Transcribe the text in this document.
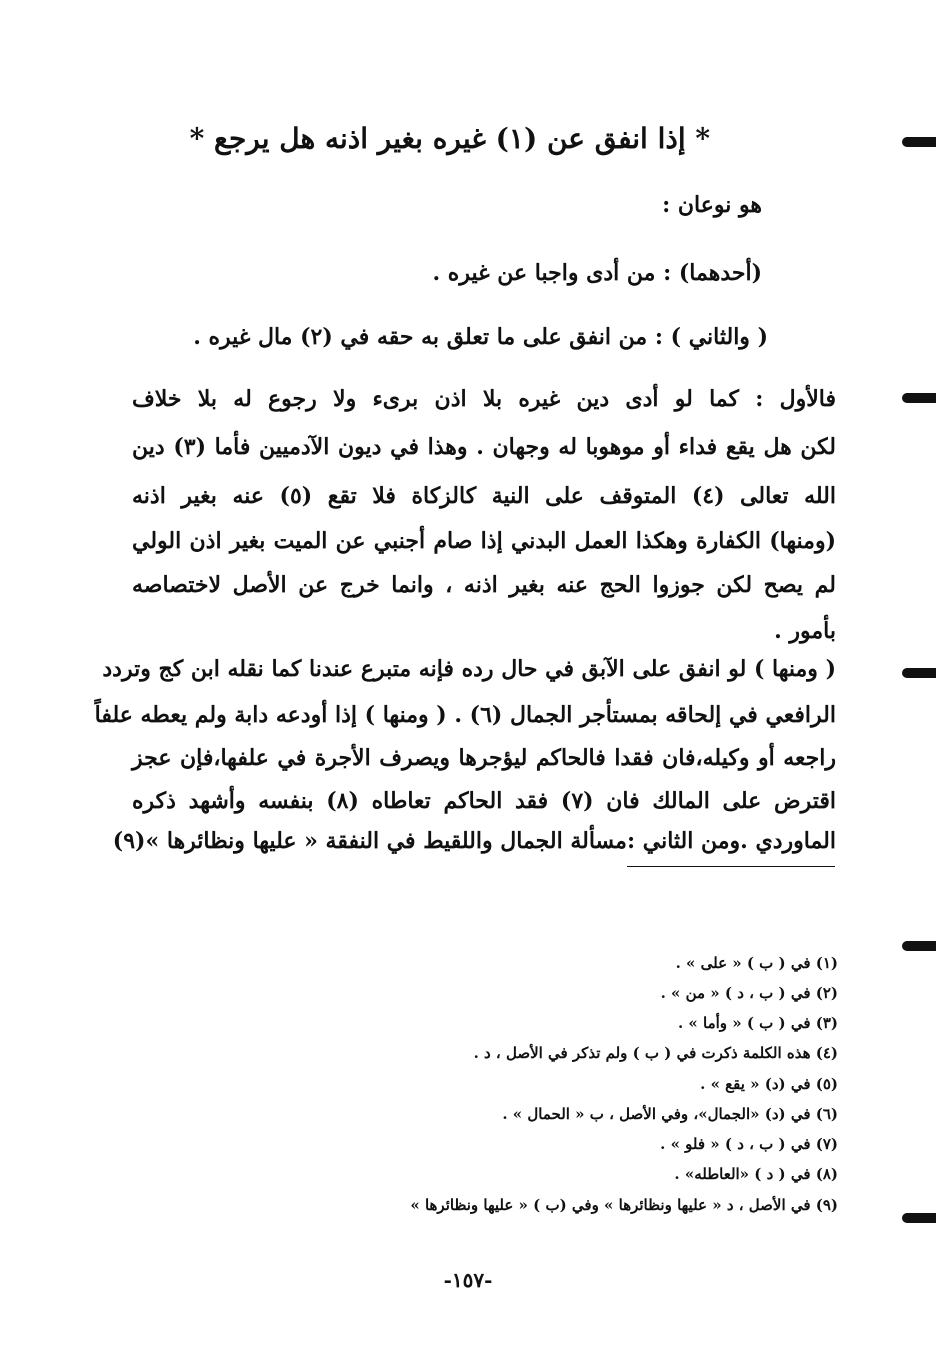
* إذا انفق عن (١) غيره بغير اذنه هل يرجع *
هو نوعان :
(أحدهما) : من أدى واجبا عن غيره .
( والثاني ) : من انفق على ما تعلق به حقه في (٢) مال غيره .
فالأول : كما لو أدى دين غيره بلا اذن برىء ولا رجوع له بلا خلاف
لكن هل يقع فداء أو موهوبا له وجهان . وهذا في ديون الآدميين فأما (٣) دين
الله تعالى (٤) المتوقف على النية كالزكاة فلا تقع (٥) عنه بغير اذنه
(ومنها) الكفارة وهكذا العمل البدني إذا صام أجنبي عن الميت بغير اذن الولي
لم يصح لكن جوزوا الحج عنه بغير اذنه ، وانما خرج عن الأصل لاختصاصه
بأمور .
( ومنها ) لو انفق على الآبق في حال رده فإنه متبرع عندنا كما نقله ابن كج وتردد
الرافعي في إلحاقه بمستأجر الجمال (٦) . ( ومنها ) إذا أودعه دابة ولم يعطه علفاً
راجعه أو وكيله،فان فقدا فالحاكم ليؤجرها ويصرف الأجرة في علفها،فإن عجز
اقترض على المالك فان (٧) فقد الحاكم تعاطاه (٨) بنفسه وأشهد ذكره
الماوردي .ومن الثاني :مسألة الجمال واللقيط في النفقة « عليها ونظائرها »(٩)
(١) في ( ب ) « على » .
(٢) في ( ب ، د ) « من » .
(٣) في ( ب ) « وأما » .
(٤) هذه الكلمة ذكرت في ( ب ) ولم تذكر في الأصل ، د .
(٥) في (د) « يقع » .
(٦) في (د) «الجمال»، وفي الأصل ، ب « الحمال » .
(٧) في ( ب ، د ) « فلو » .
(٨) في ( د ) «العاطله» .
(٩) في الأصل ، د « عليها ونظائرها » وفي (ب ) « عليها ونظائرها »
-١٥٧-
